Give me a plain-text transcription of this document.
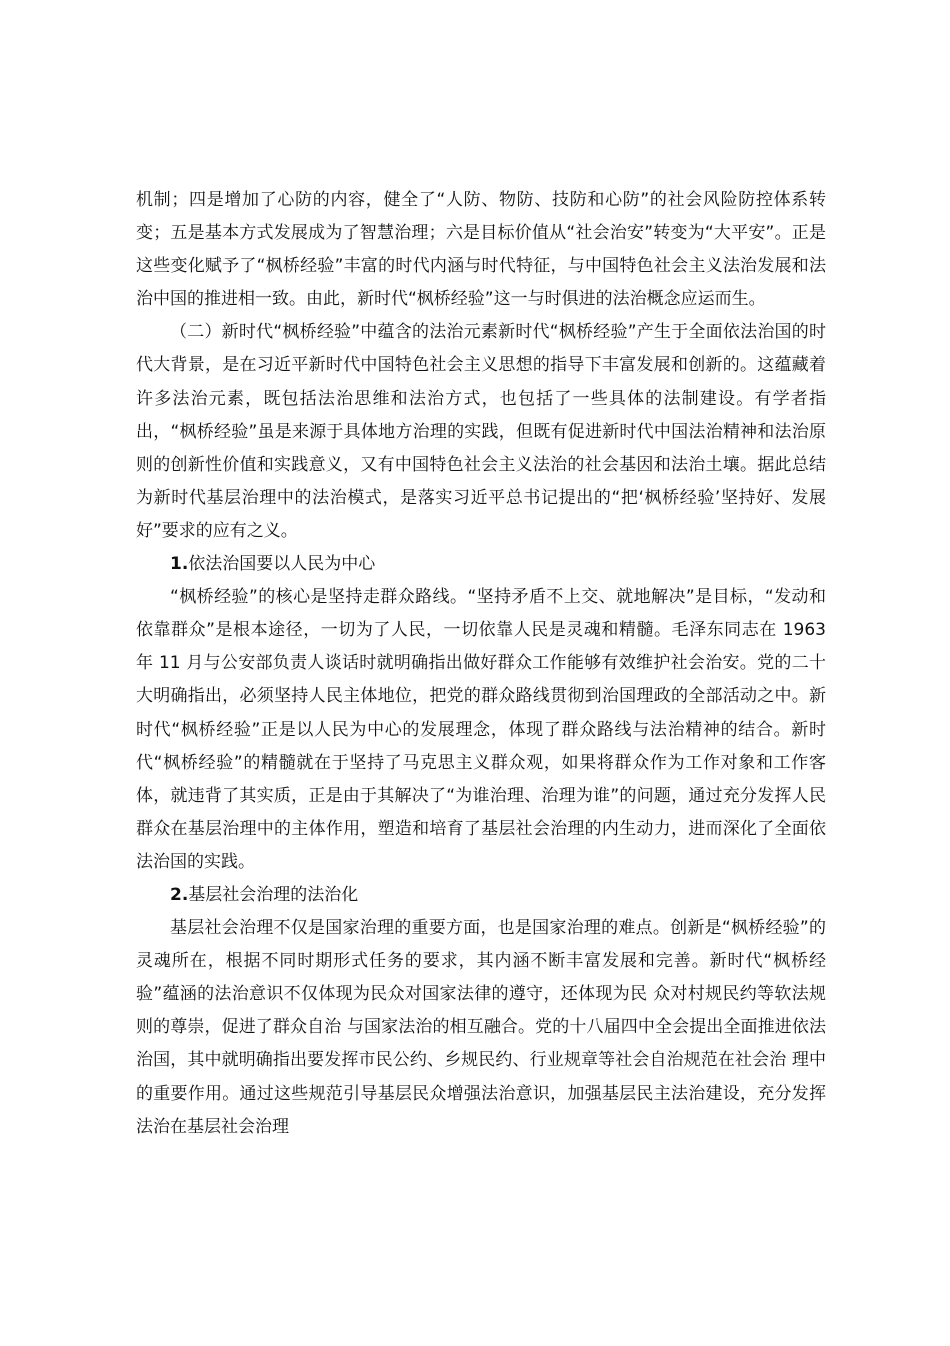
机制；四是增加了心防的内容，健全了“人防、物防、技防和心防”的社会风险防控体系转变；五是基本方式发展成为了智慧治理；六是目标价值从“社会治安”转变为“大平安”。正是这些变化赋予了“枫桥经验”丰富的时代内涵与时代特征，与中国特色社会主义法治发展和法治中国的推进相一致。由此，新时代“枫桥经验”这一与时俱进的法治概念应运而生。

（二）新时代“枫桥经验”中蕴含的法治元素新时代“枫桥经验”产生于全面依法治国的时代大背景，是在习近平新时代中国特色社会主义思想的指导下丰富发展和创新的。这蕴藏着许多法治元素，既包括法治思维和法治方式，也包括了一些具体的法制建设。有学者指出，“枫桥经验”虽是来源于具体地方治理的实践，但既有促进新时代中国法治精神和法治原则的创新性价值和实践意义，又有中国特色社会主义法治的社会基因和法治土壤。据此总结为新时代基层治理中的法治模式，是落实习近平总书记提出的“把‘枫桥经验’坚持好、发展好”要求的应有之义。

1.依法治国要以人民为中心

“枫桥经验”的核心是坚持走群众路线。“坚持矛盾不上交、就地解决”是目标，“发动和依靠群众”是根本途径，一切为了人民，一切依靠人民是灵魂和精髓。毛泽东同志在 1963 年 11 月与公安部负责人谈话时就明确指出做好群众工作能够有效维护社会治安。党的二十大明确指出，必须坚持人民主体地位，把党的群众路线贯彻到治国理政的全部活动之中。新时代“枫桥经验”正是以人民为中心的发展理念，体现了群众路线与法治精神的结合。新时代“枫桥经验”的精髓就在于坚持了马克思主义群众观，如果将群众作为工作对象和工作客体，就违背了其实质，正是由于其解决了“为谁治理、治理为谁”的问题，通过充分发挥人民群众在基层治理中的主体作用，塑造和培育了基层社会治理的内生动力，进而深化了全面依法治国的实践。

2.基层社会治理的法治化

基层社会治理不仅是国家治理的重要方面，也是国家治理的难点。创新是“枫桥经验”的灵魂所在，根据不同时期形式任务的要求，其内涵不断丰富发展和完善。新时代“枫桥经验”蕴涵的法治意识不仅体现为民众对国家法律的遵守，还体现为民 众对村规民约等软法规则的尊崇，促进了群众自治 与国家法治的相互融合。党的十八届四中全会提出全面推进依法治国，其中就明确指出要发挥市民公约、乡规民约、行业规章等社会自治规范在社会治 理中的重要作用。通过这些规范引导基层民众增强法治意识，加强基层民主法治建设，充分发挥法治在基层社会治理
